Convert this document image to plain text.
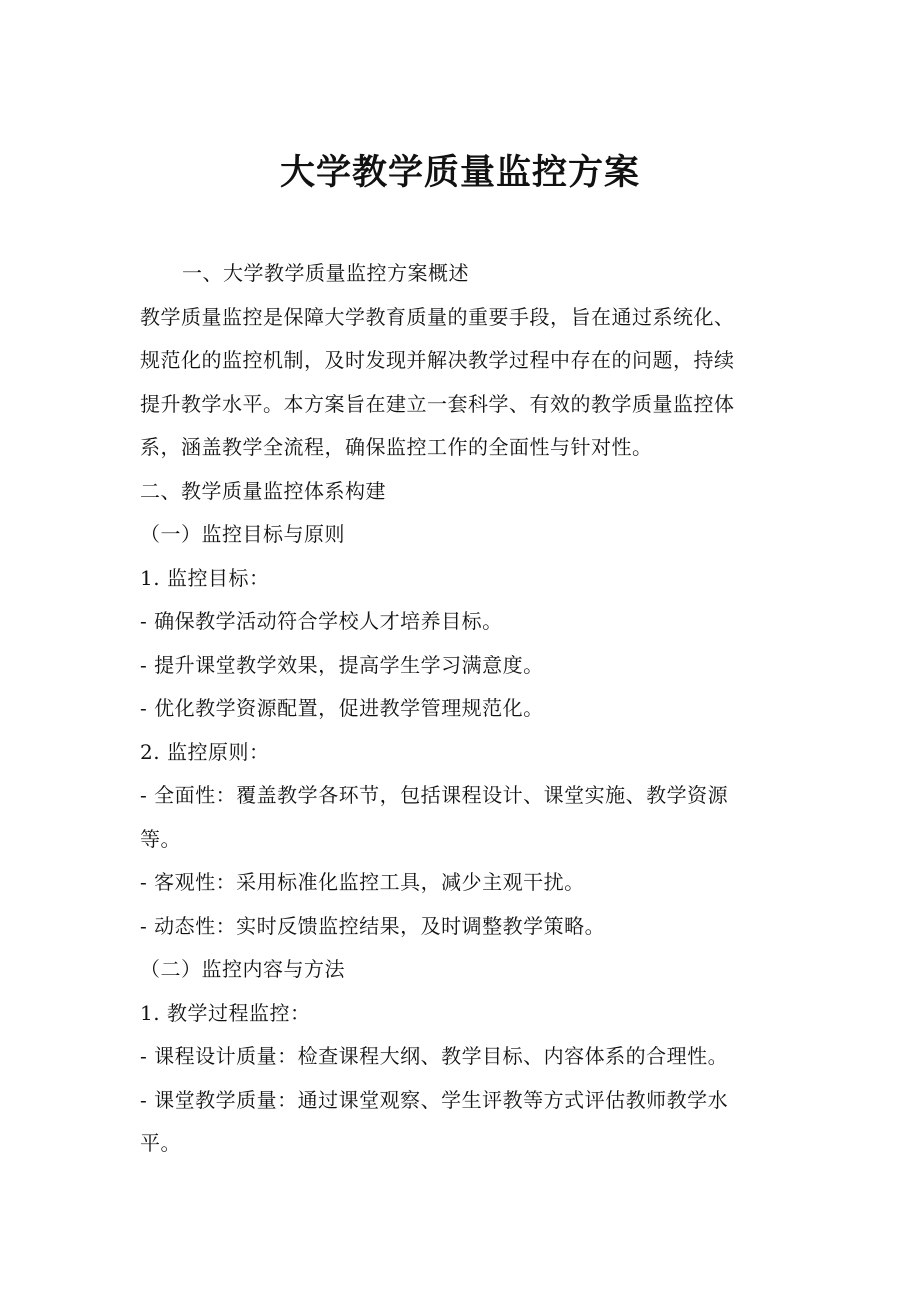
大学教学质量监控方案
一、大学教学质量监控方案概述
教学质量监控是保障大学教育质量的重要手段，旨在通过系统化、
规范化的监控机制，及时发现并解决教学过程中存在的问题，持续
提升教学水平。本方案旨在建立一套科学、有效的教学质量监控体
系，涵盖教学全流程，确保监控工作的全面性与针对性。
二、教学质量监控体系构建
（一）监控目标与原则
1. 监控目标：
- 确保教学活动符合学校人才培养目标。
- 提升课堂教学效果，提高学生学习满意度。
- 优化教学资源配置，促进教学管理规范化。
2. 监控原则：
- 全面性：覆盖教学各环节，包括课程设计、课堂实施、教学资源
等。
- 客观性：采用标准化监控工具，减少主观干扰。
- 动态性：实时反馈监控结果，及时调整教学策略。
（二）监控内容与方法
1. 教学过程监控：
- 课程设计质量：检查课程大纲、教学目标、内容体系的合理性。
- 课堂教学质量：通过课堂观察、学生评教等方式评估教师教学水
平。
